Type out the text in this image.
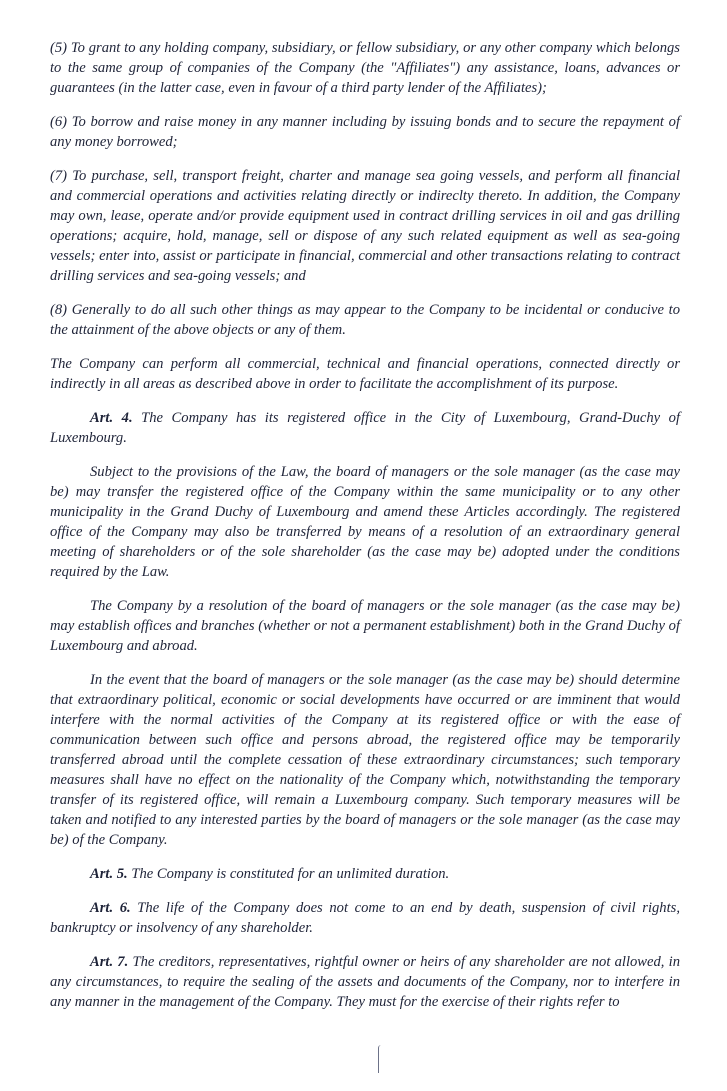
(5) To grant to any holding company, subsidiary, or fellow subsidiary, or any other company which belongs to the same group of companies of the Company (the "Affiliates") any assistance, loans, advances or guarantees (in the latter case, even in favour of a third party lender of the Affiliates);

(6) To borrow and raise money in any manner including by issuing bonds and to secure the repayment of any money borrowed;

(7) To purchase, sell, transport freight, charter and manage sea going vessels, and perform all financial and commercial operations and activities relating directly or indireclty thereto. In addition, the Company may own, lease, operate and/or provide equipment used in contract drilling services in oil and gas drilling operations; acquire, hold, manage, sell or dispose of any such related equipment as well as sea-going vessels; enter into, assist or participate in financial, commercial and other transactions relating to contract drilling services and sea-going vessels; and

(8) Generally to do all such other things as may appear to the Company to be incidental or conducive to the attainment of the above objects or any of them.

The Company can perform all commercial, technical and financial operations, connected directly or indirectly in all areas as described above in order to facilitate the accomplishment of its purpose.

Art. 4. The Company has its registered office in the City of Luxembourg, Grand-Duchy of Luxembourg.

Subject to the provisions of the Law, the board of managers or the sole manager (as the case may be) may transfer the registered office of the Company within the same municipality or to any other municipality in the Grand Duchy of Luxembourg and amend these Articles accordingly. The registered office of the Company may also be transferred by means of a resolution of an extraordinary general meeting of shareholders or of the sole shareholder (as the case may be) adopted under the conditions required by the Law.

The Company by a resolution of the board of managers or the sole manager (as the case may be) may establish offices and branches (whether or not a permanent establishment) both in the Grand Duchy of Luxembourg and abroad.

In the event that the board of managers or the sole manager (as the case may be) should determine that extraordinary political, economic or social developments have occurred or are imminent that would interfere with the normal activities of the Company at its registered office or with the ease of communication between such office and persons abroad, the registered office may be temporarily transferred abroad until the complete cessation of these extraordinary circumstances; such temporary measures shall have no effect on the nationality of the Company which, notwithstanding the temporary transfer of its registered office, will remain a Luxembourg company. Such temporary measures will be taken and notified to any interested parties by the board of managers or the sole manager (as the case may be) of the Company.

Art. 5. The Company is constituted for an unlimited duration.

Art. 6. The life of the Company does not come to an end by death, suspension of civil rights, bankruptcy or insolvency of any shareholder.

Art. 7. The creditors, representatives, rightful owner or heirs of any shareholder are not allowed, in any circumstances, to require the sealing of the assets and documents of the Company, nor to interfere in any manner in the management of the Company. They must for the exercise of their rights refer to
